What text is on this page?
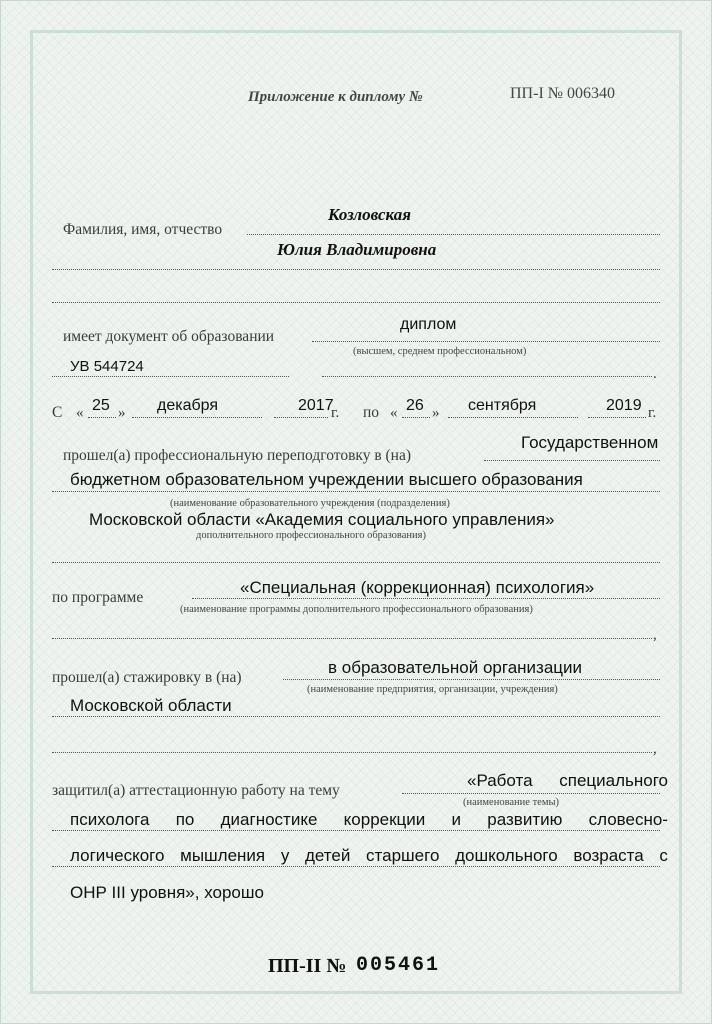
Приложение к диплому №	ПП-I № 006340
Козловская
Фамилия, имя, отчество
Юлия Владимировна
диплом
имеет документ об образовании
(высшем, среднем профессиональном)
УВ 544724	.
С « 25 » декабря	2017
г. по « 26 » сентября	2019 г.
Государственном
прошел(а) профессиональную переподготовку в (на)
бюджетном образовательном учреждении высшего образования
(наименование образовательного учреждения (подразделения)
Московской области «Академия социального управления»
дополнительного профессионального образования)
по программе
«Специальная (коррекционная) психология»
(наименование программы дополнительного профессионального образования)
,
в образовательной организации
прошел(а) стажировку в (на)
(наименование предприятия, организации, учреждения)
Московской области
,
защитил(а) аттестационную работу на тему
«Работа специального
(наименование темы)
психолога по диагностике коррекции и развитию словесно-
логического мышления у детей старшего дошкольного возраста с
ОНР III уровня», хорошо
ПП-II № 005461
